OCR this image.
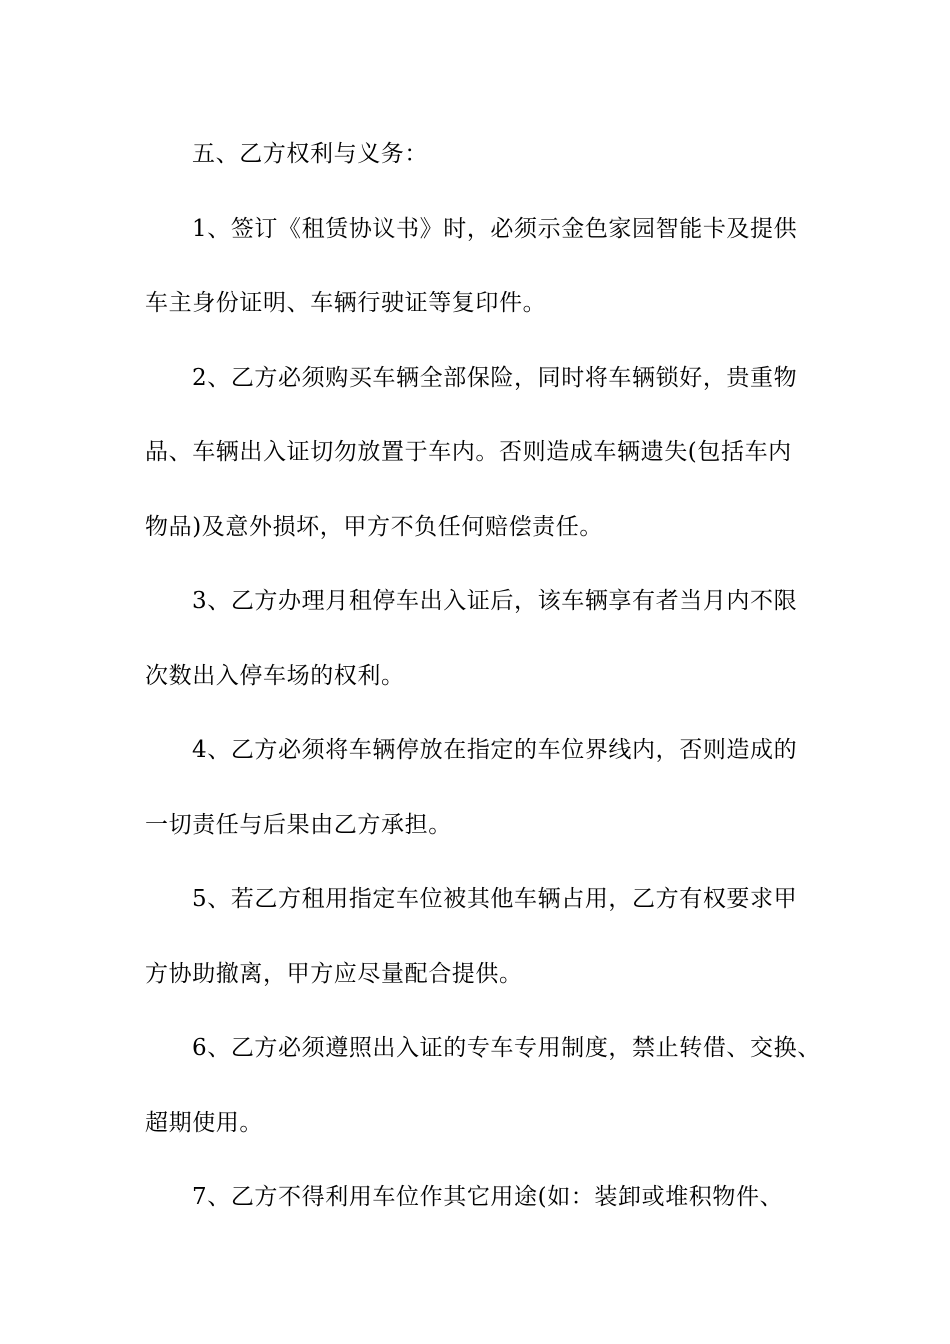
五、乙方权利与义务：
1、签订《租赁协议书》时，必须示金色家园智能卡及提供
车主身份证明、车辆行驶证等复印件。
2、乙方必须购买车辆全部保险，同时将车辆锁好，贵重物
品、车辆出入证切勿放置于车内。否则造成车辆遗失(包括车内
物品)及意外损坏，甲方不负任何赔偿责任。
3、乙方办理月租停车出入证后，该车辆享有者当月内不限
次数出入停车场的权利。
4、乙方必须将车辆停放在指定的车位界线内，否则造成的
一切责任与后果由乙方承担。
5、若乙方租用指定车位被其他车辆占用，乙方有权要求甲
方协助撤离，甲方应尽量配合提供。
6、乙方必须遵照出入证的专车专用制度，禁止转借、交换、
超期使用。
7、乙方不得利用车位作其它用途(如：装卸或堆积物件、
